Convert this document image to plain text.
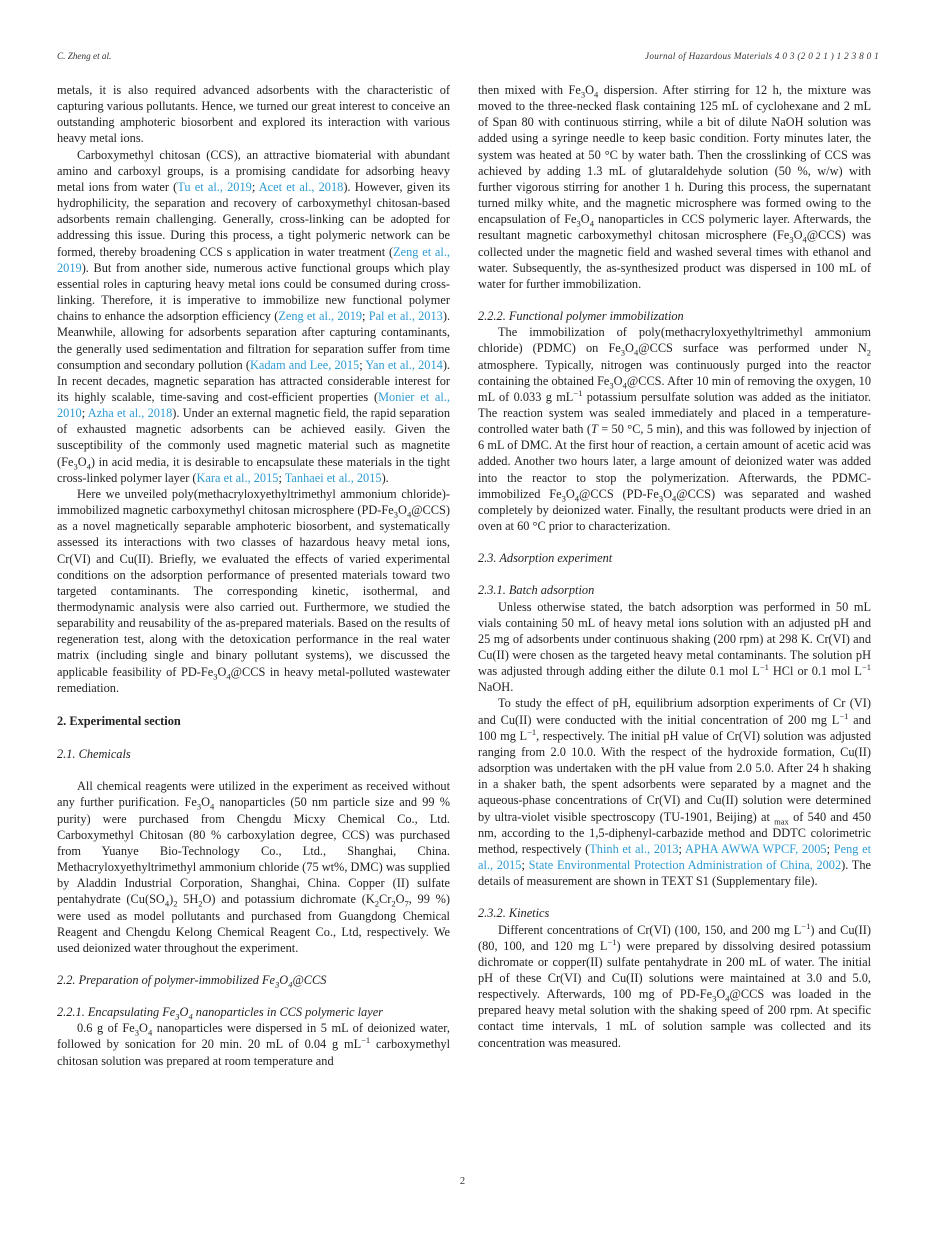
C. Zheng et al.	Journal of Hazardous Materials 4 0 3 (2 0 2 1 ) 1 2 3 8 0 1

metals, it is also required advanced adsorbents with the characteristic of capturing various pollutants. Hence, we turned our great interest to conceive an outstanding amphoteric biosorbent and explored its interaction with various heavy metal ions.

Carboxymethyl chitosan (CCS), an attractive biomaterial with abundant amino and carboxyl groups, is a promising candidate for adsorbing heavy metal ions from water (Tu et al., 2019; Acet et al., 2018). However, given its hydrophilicity, the separation and recovery of carboxymethyl chitosan-based adsorbents remain challenging. Generally, cross-linking can be adopted for addressing this issue. During this process, a tight polymeric network can be formed, thereby broadening CCS s application in water treatment (Zeng et al., 2019). But from another side, numerous active functional groups which play essential roles in capturing heavy metal ions could be consumed during cross-linking. Therefore, it is imperative to immobilize new functional polymer chains to enhance the adsorption efficiency (Zeng et al., 2019; Pal et al., 2013). Meanwhile, allowing for adsorbents separation after capturing contaminants, the generally used sedimentation and filtration for separation suffer from time consumption and secondary pollution (Kadam and Lee, 2015; Yan et al., 2014). In recent decades, magnetic separation has attracted considerable interest for its highly scalable, time-saving and cost-efficient properties (Monier et al., 2010; Azha et al., 2018). Under an external magnetic field, the rapid separation of exhausted magnetic adsorbents can be achieved easily. Given the susceptibility of the commonly used magnetic material such as magnetite $(Fe_3O_4)$ in acid media, it is desirable to encapsulate these materials in the tight cross-linked polymer layer (Kara et al., 2015; Tanhaei et al., 2015).

Here we unveiled poly(methacryloxyethyltrimethyl ammonium chloride)-immobilized magnetic carboxymethyl chitosan microsphere $(PD-Fe_3O_4@CCS)$ as a novel magnetically separable amphoteric biosorbent, and systematically assessed its interactions with two classes of hazardous heavy metal ions, Cr(VI) and Cu(II). Briefly, we evaluated the effects of varied experimental conditions on the adsorption performance of presented materials toward two targeted contaminants. The corresponding kinetic, isothermal, and thermodynamic analysis were also carried out. Furthermore, we studied the separability and reusability of the as-prepared materials. Based on the results of regeneration test, along with the detoxication performance in the real water matrix (including single and binary pollutant systems), we discussed the applicable feasibility of $PD-Fe_3O_4@CCS$ in heavy metal-polluted wastewater remediation.

2. Experimental section
2.1. Chemicals

All chemical reagents were utilized in the experiment as received without any further purification. $Fe_3O_4$ nanoparticles (50 nm particle size and 99 % purity) were purchased from Chengdu Micxy Chemical Co., Ltd. Carboxymethyl Chitosan (80 % carboxylation degree, CCS) was purchased from Yuanye Bio-Technology Co., Ltd., Shanghai, China. Methacryloxyethyltrimethyl ammonium chloride (75 wt%, DMC) was supplied by Aladdin Industrial Corporation, Shanghai, China. Copper (II) sulfate pentahydrate ($Cu(SO_4)_2$ $5H_2O$) and potassium dichromate ($K_2Cr_2O_7$, 99 %) were used as model pollutants and purchased from Guangdong Chemical Reagent and Chengdu Kelong Chemical Reagent Co., Ltd, respectively. We used deionized water throughout the experiment.

2.2. Preparation of polymer-immobilized $Fe_3O_4@CCS$
2.2.1. Encapsulating $Fe_3O_4$ nanoparticles in CCS polymeric layer

0.6 g of $Fe_3O_4$ nanoparticles were dispersed in 5 mL of deionized water, followed by sonication for 20 min. 20 mL of 0.04 g $mL^{-1}$ carboxymethyl chitosan solution was prepared at room temperature and

then mixed with $Fe_3O_4$ dispersion. After stirring for 12 h, the mixture was moved to the three-necked flask containing 125 mL of cyclohexane and 2 mL of Span 80 with continuous stirring, while a bit of dilute NaOH solution was added using a syringe needle to keep basic condition. Forty minutes later, the system was heated at 50 °C by water bath. Then the crosslinking of CCS was achieved by adding 1.3 mL of glutaraldehyde solution (50 %, w/w) with further vigorous stirring for another 1 h. During this process, the supernatant turned milky white, and the magnetic microsphere was formed owing to the encapsulation of $Fe_3O_4$ nanoparticles in CCS polymeric layer. Afterwards, the resultant magnetic carboxymethyl chitosan microsphere $(Fe_3O_4@CCS)$ was collected under the magnetic field and washed several times with ethanol and water. Subsequently, the as-synthesized product was dispersed in 100 mL of water for further immobilization.

2.2.2. Functional polymer immobilization

The immobilization of poly(methacryloxyethyltrimethyl ammonium chloride) (PDMC) on $Fe_3O_4@CCS$ surface was performed under $N_2$ atmosphere. Typically, nitrogen was continuously purged into the reactor containing the obtained $Fe_3O_4@CCS$. After 10 min of removing the oxygen, 10 mL of 0.033 g $mL^{-1}$ potassium persulfate solution was added as the initiator. The reaction system was sealed immediately and placed in a temperature-controlled water bath (T = 50 °C, 5 min), and this was followed by injection of 6 mL of DMC. At the first hour of reaction, a certain amount of acetic acid was added. Another two hours later, a large amount of deionized water was added into the reactor to stop the polymerization. Afterwards, the PDMC-immobilized $Fe_3O_4@CCS$ $(PD-Fe_3O_4@CCS)$ was separated and washed completely by deionized water. Finally, the resultant products were dried in an oven at 60 °C prior to characterization.

2.3. Adsorption experiment
2.3.1. Batch adsorption

Unless otherwise stated, the batch adsorption was performed in 50 mL vials containing 50 mL of heavy metal ions solution with an adjusted pH and 25 mg of adsorbents under continuous shaking (200 rpm) at 298 K. Cr(VI) and Cu(II) were chosen as the targeted heavy metal contaminants. The solution pH was adjusted through adding either the dilute 0.1 mol $L^{-1}$ HCl or 0.1 mol $L^{-1}$ NaOH.

To study the effect of pH, equilibrium adsorption experiments of Cr (VI) and Cu(II) were conducted with the initial concentration of 200 mg $L^{-1}$ and 100 mg $L^{-1}$, respectively. The initial pH value of Cr(VI) solution was adjusted ranging from 2.0 10.0. With the respect of the hydroxide formation, Cu(II) adsorption was undertaken with the pH value from 2.0 5.0. After 24 h shaking in a shaker bath, the spent adsorbents were separated by a magnet and the aqueous-phase concentrations of Cr(VI) and Cu(II) solution were determined by ultra-violet visible spectroscopy (TU-1901, Beijing) at $_{max}$ of 540 and 450 nm, according to the 1,5-diphenyl-carbazide method and DDTC colorimetric method, respectively (Thinh et al., 2013; APHA AWWA WPCF, 2005; Peng et al., 2015; State Environmental Protection Administration of China, 2002). The details of measurement are shown in TEXT S1 (Supplementary file).

2.3.2. Kinetics

Different concentrations of Cr(VI) (100, 150, and 200 mg $L^{-1}$) and Cu(II) (80, 100, and 120 mg $L^{-1}$) were prepared by dissolving desired potassium dichromate or copper(II) sulfate pentahydrate in 200 mL of water. The initial pH of these Cr(VI) and Cu(II) solutions were maintained at 3.0 and 5.0, respectively. Afterwards, 100 mg of $PD-Fe_3O_4@CCS$ was loaded in the prepared heavy metal solution with the shaking speed of 200 rpm. At specific contact time intervals, 1 mL of solution sample was collected and its concentration was measured.

2
